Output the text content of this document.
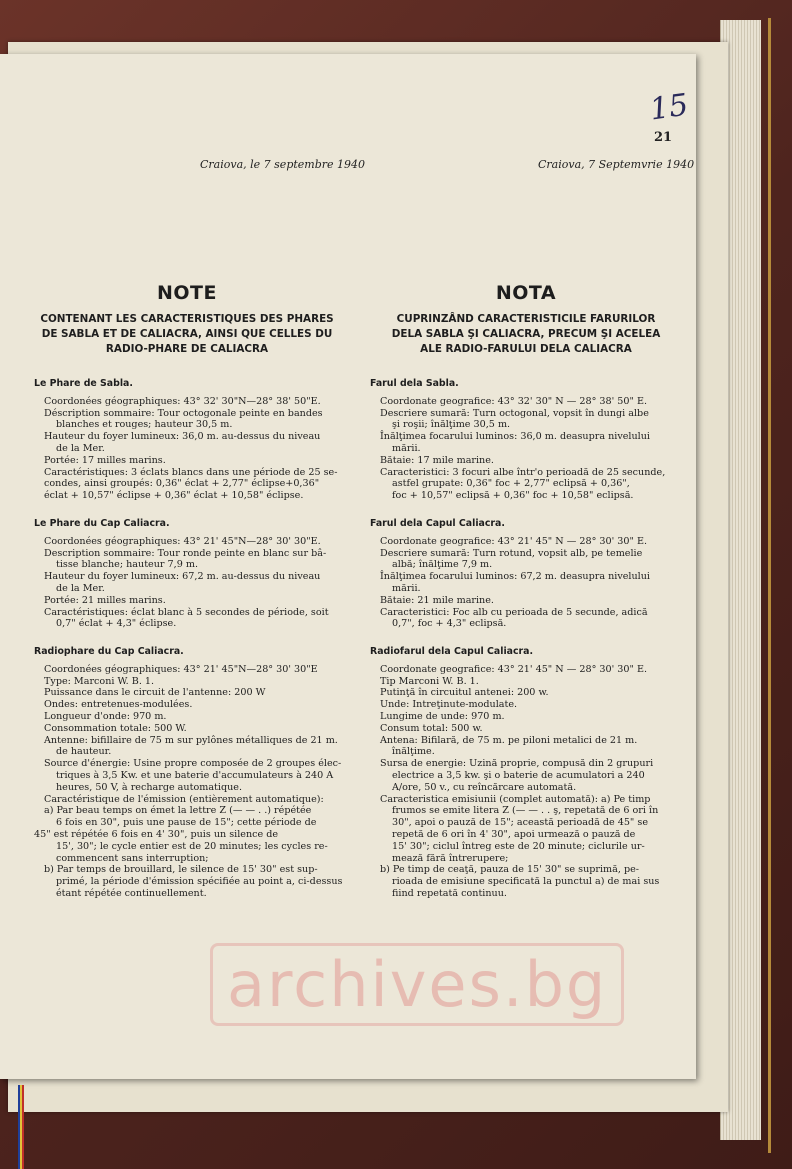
15
21
Craiova, le 7 septembre 1940	Craiova, 7 Septemvrie 1940
NOTE
CONTENANT LES CARACTERISTIQUES DES PHARES
DE SABLA ET DE CALIACRA, AINSI QUE CELLES DU
RADIO-PHARE DE CALIACRA
Le Phare de Sabla.
Coordonées géographiques: 43° 32' 30"N—28° 38' 50"E.
Déscription sommaire: Tour octogonale peinte en bandes
blanches et rouges; hauteur 30,5 m.
Hauteur du foyer lumineux: 36,0 m. au-dessus du niveau
de la Mer.
Portée: 17 milles marins.
Caractéristiques: 3 éclats blancs dans une période de 25 se-
condes, ainsi groupés: 0,36" éclat + 2,77" éclipse+0,36"
éclat + 10,57" éclipse + 0,36" éclat + 10,58" éclipse.
Le Phare du Cap Caliacra.
Coordonées géographiques: 43° 21' 45"N—28° 30' 30"E.
Description sommaire: Tour ronde peinte en blanc sur bâ-
tisse blanche; hauteur 7,9 m.
Hauteur du foyer lumineux: 67,2 m. au-dessus du niveau
de la Mer.
Portée: 21 milles marins.
Caractéristiques: éclat blanc à 5 secondes de période, soit
0,7" éclat + 4,3" éclipse.
Radiophare du Cap Caliacra.
Coordonées géographiques: 43° 21' 45"N—28° 30' 30"E
Type: Marconi W. B. 1.
Puissance dans le circuit de l'antenne: 200 W
Ondes: entretenues-modulées.
Longueur d'onde: 970 m.
Consommation totale: 500 W.
Antenne: bifillaire de 75 m sur pylônes métalliques de 21 m.
de hauteur.
Source d'énergie: Usine propre composée de 2 groupes élec-
triques à 3,5 Kw. et une baterie d'accumulateurs à 240 A
heures, 50 V, à recharge automatique.
Caractéristique de l'émission (entièrement automatique):
a) Par beau temps on émet la lettre Z (— — . .) répétée
6 fois en 30", puis une pause de 15"; cette période de
45" est répétée 6 fois en 4' 30", puis un silence de
15', 30"; le cycle entier est de 20 minutes; les cycles re-
commencent sans interruption;
b) Par temps de brouillard, le silence de 15' 30" est sup-
primé, la période d'émission spécifiée au point a, ci-dessus
étant répétée continuellement.
NOTA
CUPRINZÂND CARACTERISTICILE FARURILOR
DELA SABLA ŞI CALIACRA, PRECUM ŞI ACELEA
ALE RADIO-FARULUI DELA CALIACRA
Farul dela Sabla.
Coordonate geografice: 43° 32' 30" N — 28° 38' 50" E.
Descriere sumară: Turn octogonal, vopsit în dungi albe
şi roşii; înălţime 30,5 m.
Înălţimea focarului luminos: 36,0 m. deasupra nivelului
mării.
Bătaie: 17 mile marine.
Caracteristici: 3 focuri albe într'o perioadă de 25 secunde,
astfel grupate: 0,36" foc + 2,77" eclipsă + 0,36",
foc + 10,57" eclipsă + 0,36" foc + 10,58" eclipsă.
Farul dela Capul Caliacra.
Coordonate geografice: 43° 21' 45" N — 28° 30' 30" E.
Descriere sumară: Turn rotund, vopsit alb, pe temelie
albă; înălţime 7,9 m.
Înălţimea focarului luminos: 67,2 m. deasupra nivelului
mării.
Bătaie: 21 mile marine.
Caracteristici: Foc alb cu perioada de 5 secunde, adică
0,7", foc + 4,3" eclipsă.
Radiofarul dela Capul Caliacra.
Coordonate geografice: 43° 21' 45" N — 28° 30' 30" E.
Tip Marconi W. B. 1.
Putinţă în circuitul antenei: 200 w.
Unde: Intreţinute-modulate.
Lungime de unde: 970 m.
Consum total: 500 w.
Antena: Bifilară, de 75 m. pe piloni metalici de 21 m.
înălţime.
Sursa de energie: Uzină proprie, compusă din 2 grupuri
electrice a 3,5 kw. şi o baterie de acumulatori a 240
A/ore, 50 v., cu reîncărcare automată.
Caracteristica emisiunii (complet automată): a) Pe timp
frumos se emite litera Z (— — . . ş, repetată de 6 ori în
30", apoi o pauză de 15"; această perioadă de 45" se
repetă de 6 ori în 4' 30", apoi urmează o pauză de
15' 30"; ciclul întreg este de 20 minute; ciclurile ur-
mează fără întrerupere;
b) Pe timp de ceaţă, pauza de 15' 30" se suprimă, pe-
rioada de emisiune specificată la punctul a) de mai sus
fiind repetată continuu.
archives.bg
